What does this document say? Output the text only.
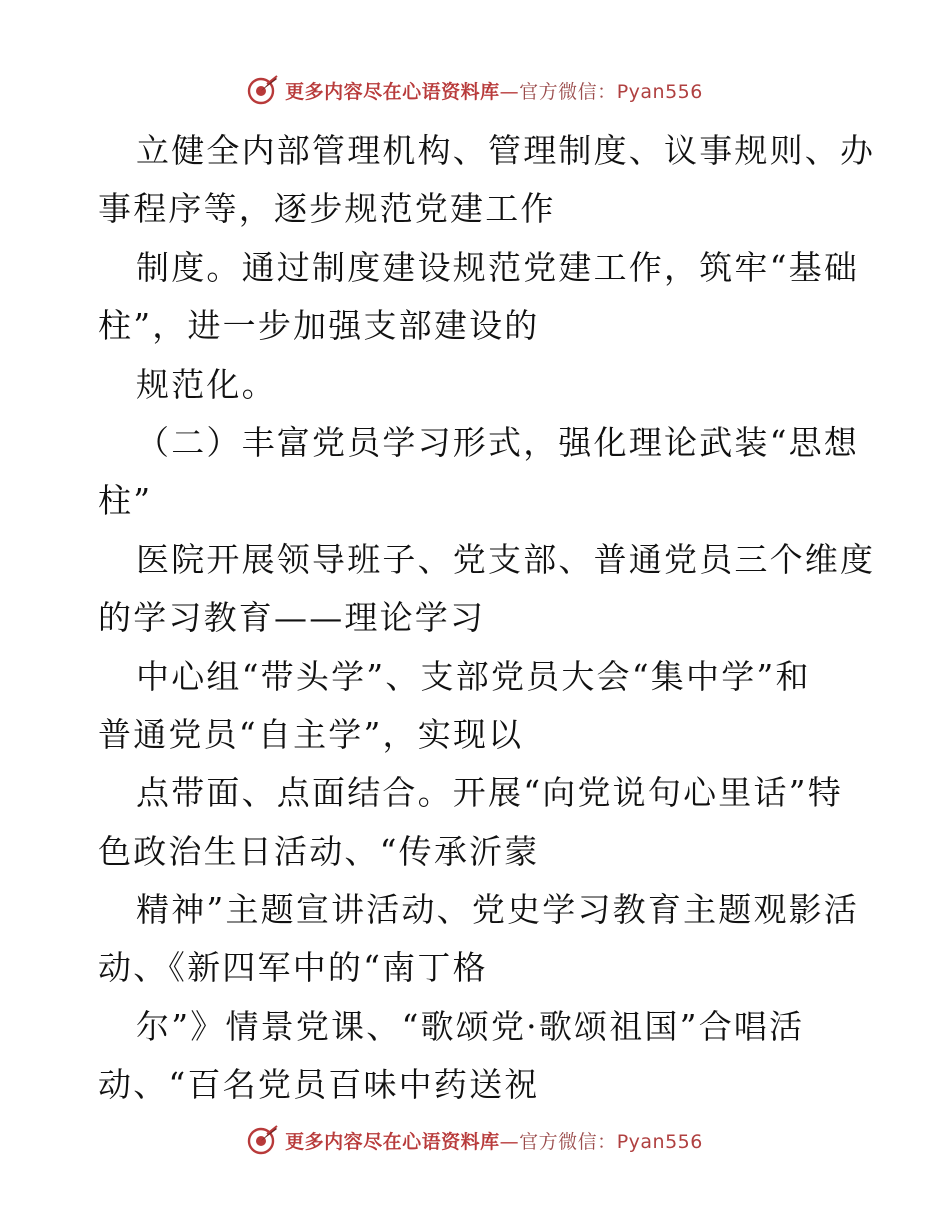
更多内容尽在心语资料库—官方微信：Pyan556
立健全内部管理机构、管理制度、议事规则、办
事程序等，逐步规范党建工作
制度。通过制度建设规范党建工作，筑牢“基础
柱”，进一步加强支部建设的
规范化。
（二）丰富党员学习形式，强化理论武装“思想
柱”
医院开展领导班子、党支部、普通党员三个维度
的学习教育——理论学习
中心组“带头学”、支部党员大会“集中学”和
普通党员“自主学”，实现以
点带面、点面结合。开展“向党说句心里话”特
色政治生日活动、“传承沂蒙
精神”主题宣讲活动、党史学习教育主题观影活
动、《新四军中的“南丁格
尔”》情景党课、“歌颂党·歌颂祖国”合唱活
动、“百名党员百味中药送祝
更多内容尽在心语资料库—官方微信：Pyan556
